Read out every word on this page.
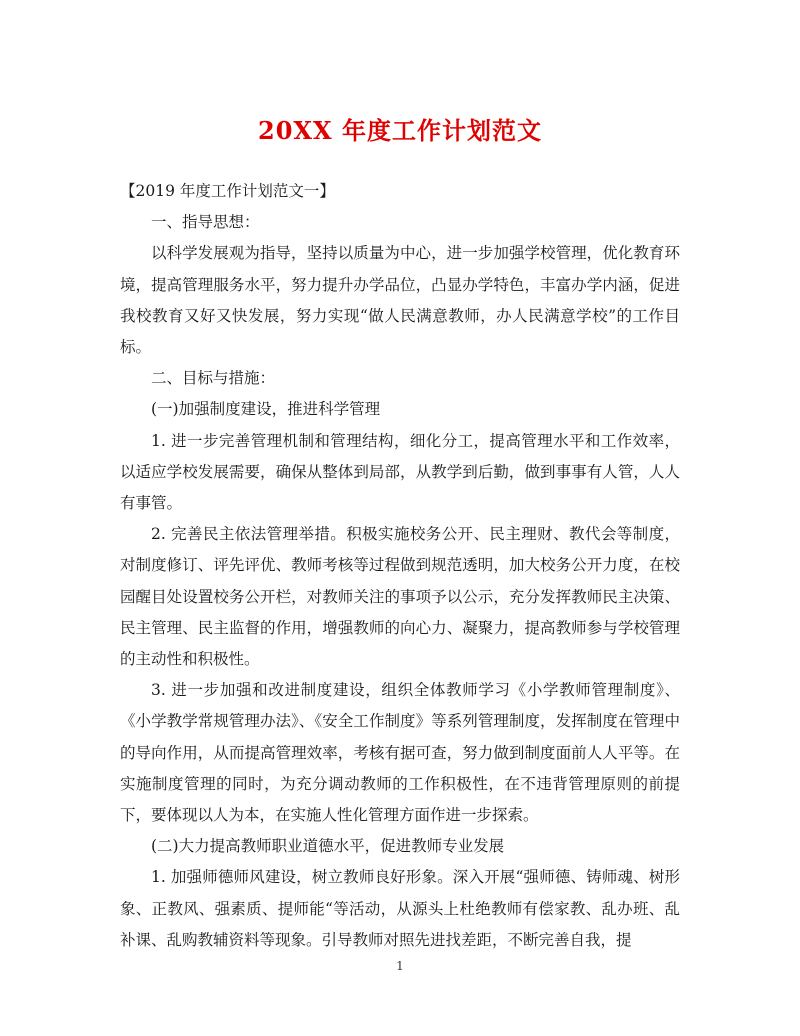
20XX 年度工作计划范文

【2019 年度工作计划范文一】

一、指导思想：

以科学发展观为指导，坚持以质量为中心，进一步加强学校管理，优化教育环境，提高管理服务水平，努力提升办学品位，凸显办学特色，丰富办学内涵，促进我校教育又好又快发展，努力实现“做人民满意教师，办人民满意学校”的工作目标。

二、目标与措施：

(一)加强制度建设，推进科学管理

1. 进一步完善管理机制和管理结构，细化分工，提高管理水平和工作效率，以适应学校发展需要，确保从整体到局部，从教学到后勤，做到事事有人管，人人有事管。

2. 完善民主依法管理举措。积极实施校务公开、民主理财、教代会等制度，对制度修订、评先评优、教师考核等过程做到规范透明，加大校务公开力度，在校园醒目处设置校务公开栏，对教师关注的事项予以公示，充分发挥教师民主决策、民主管理、民主监督的作用，增强教师的向心力、凝聚力，提高教师参与学校管理的主动性和积极性。

3. 进一步加强和改进制度建设，组织全体教师学习《小学教师管理制度》、《小学教学常规管理办法》、《安全工作制度》等系列管理制度，发挥制度在管理中的导向作用，从而提高管理效率，考核有据可查，努力做到制度面前人人平等。在实施制度管理的同时，为充分调动教师的工作积极性，在不违背管理原则的前提下，要体现以人为本，在实施人性化管理方面作进一步探索。

(二)大力提高教师职业道德水平，促进教师专业发展

1. 加强师德师风建设，树立教师良好形象。深入开展“强师德、铸师魂、树形象、正教风、强素质、提师能“等活动，从源头上杜绝教师有偿家教、乱办班、乱补课、乱购教辅资料等现象。引导教师对照先进找差距，不断完善自我，提

1
